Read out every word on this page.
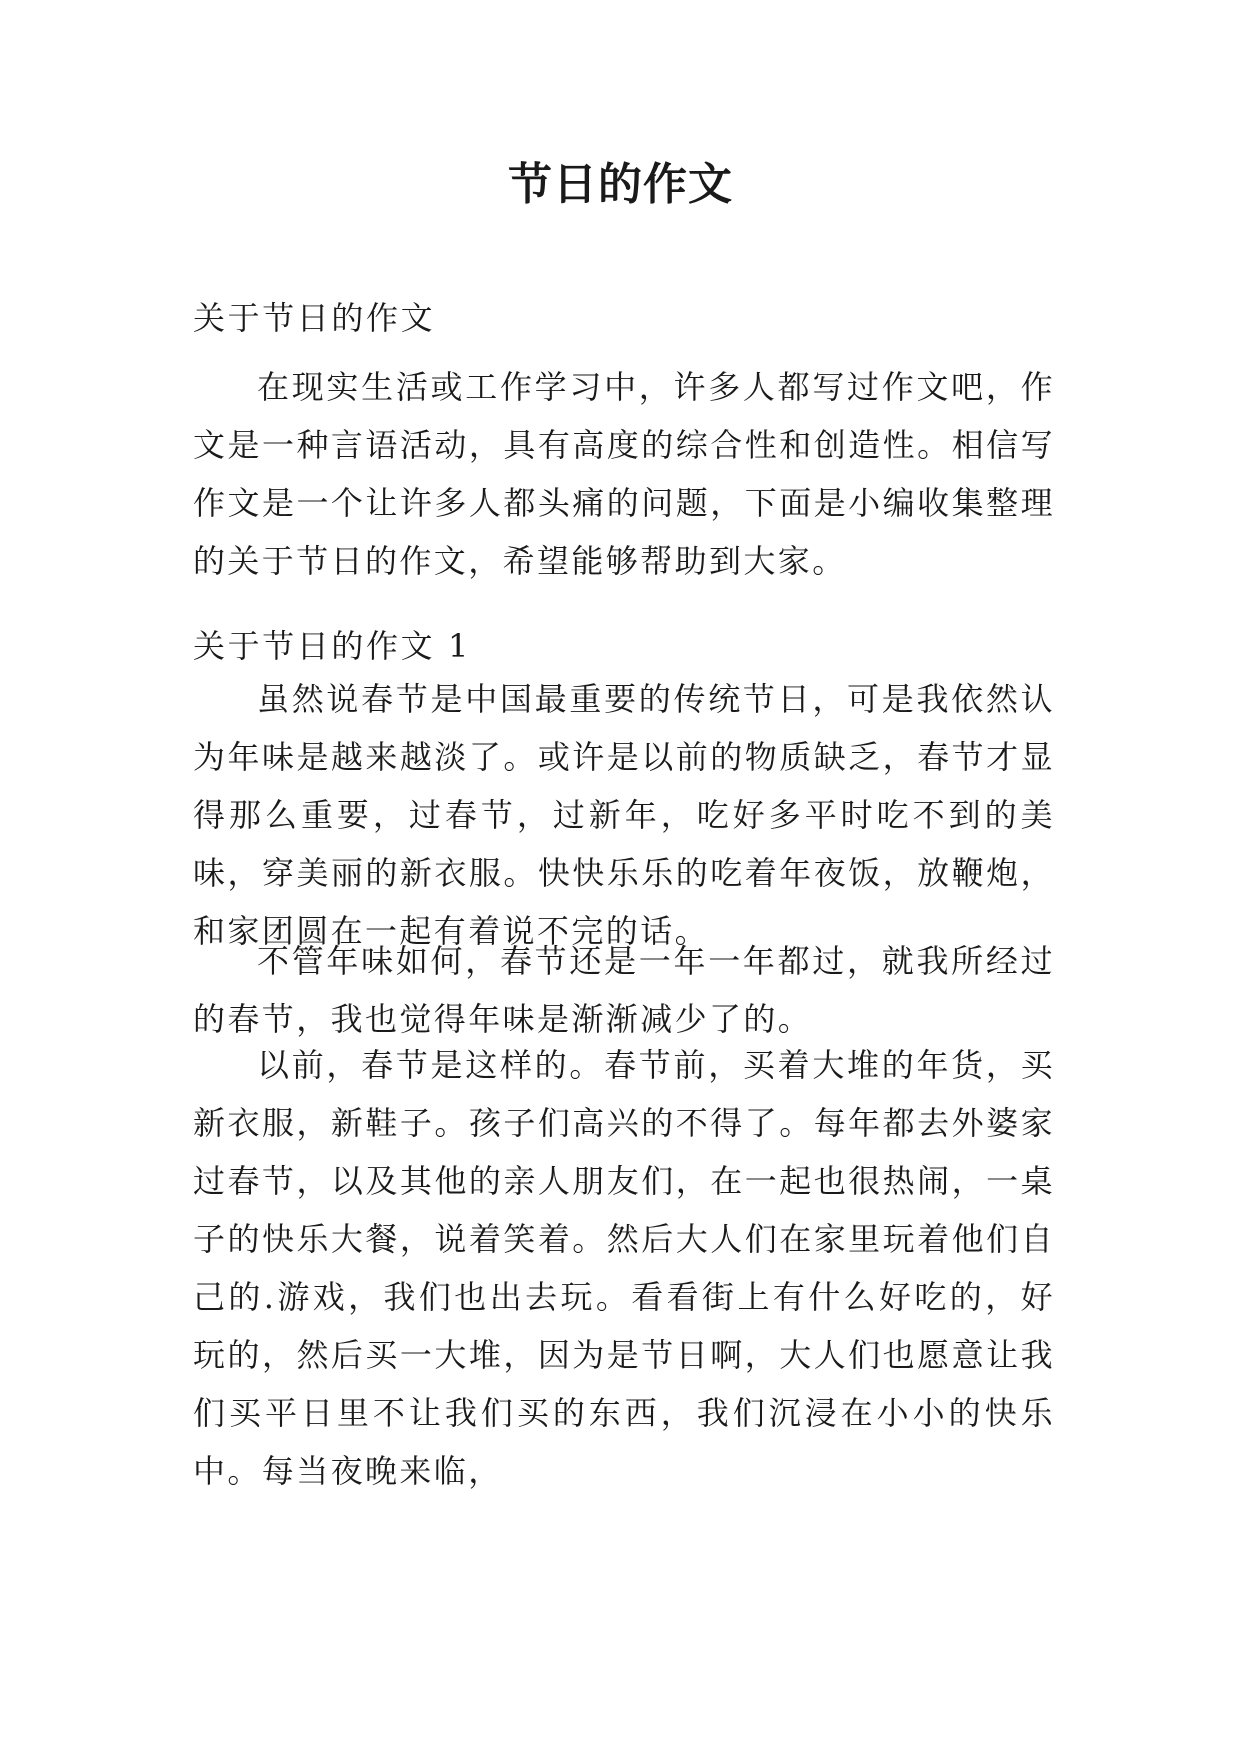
节日的作文

关于节日的作文

在现实生活或工作学习中，许多人都写过作文吧，作文是一种言语活动，具有高度的综合性和创造性。相信写作文是一个让许多人都头痛的问题，下面是小编收集整理的关于节日的作文，希望能够帮助到大家。

关于节日的作文 1

虽然说春节是中国最重要的传统节日，可是我依然认为年味是越来越淡了。或许是以前的物质缺乏，春节才显得那么重要，过春节，过新年，吃好多平时吃不到的美味，穿美丽的新衣服。快快乐乐的吃着年夜饭，放鞭炮，和家团圆在一起有着说不完的话。

不管年味如何，春节还是一年一年都过，就我所经过的春节，我也觉得年味是渐渐减少了的。

以前，春节是这样的。春节前，买着大堆的年货，买新衣服，新鞋子。孩子们高兴的不得了。每年都去外婆家过春节，以及其他的亲人朋友们，在一起也很热闹，一桌子的快乐大餐，说着笑着。然后大人们在家里玩着他们自己的.游戏，我们也出去玩。看看街上有什么好吃的，好玩的，然后买一大堆，因为是节日啊，大人们也愿意让我们买平日里不让我们买的东西，我们沉浸在小小的快乐中。每当夜晚来临，
